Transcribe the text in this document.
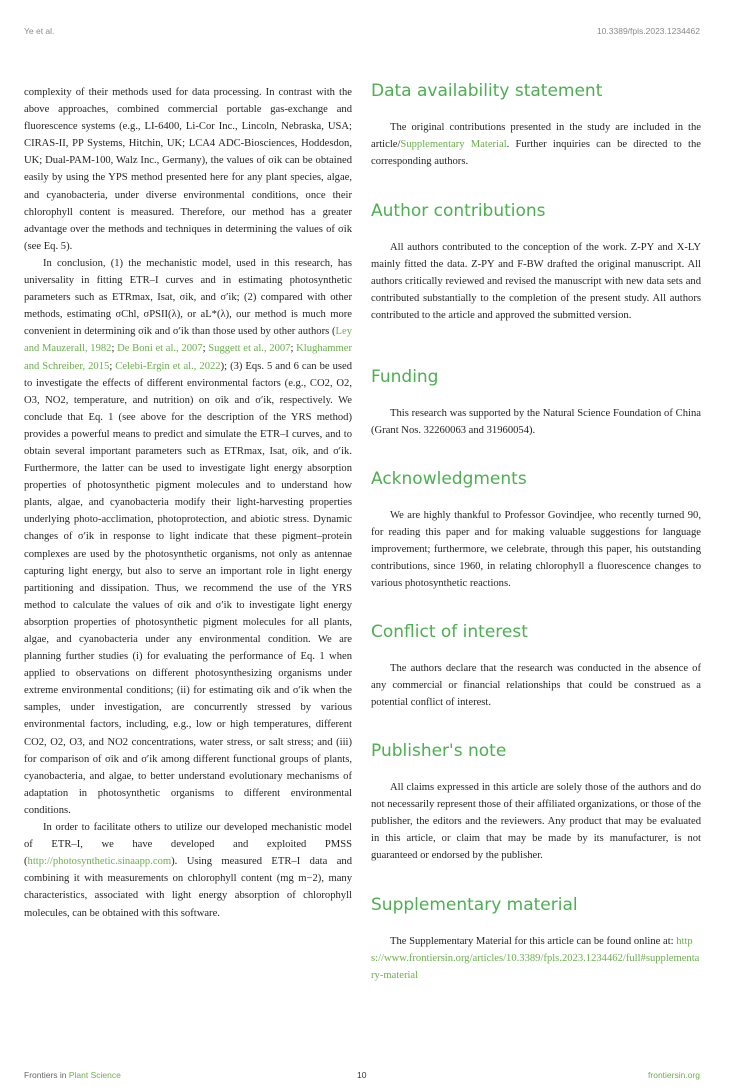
Ye et al.	10.3389/fpls.2023.1234462

complexity of their methods used for data processing. In contrast with the above approaches, combined commercial portable gas-exchange and fluorescence systems (e.g., LI-6400, Li-Cor Inc., Lincoln, Nebraska, USA; CIRAS-II, PP Systems, Hitchin, UK; LCA4 ADC-Biosciences, Hoddesdon, UK; Dual-PAM-100, Walz Inc., Germany), the values of σik can be obtained easily by using the YPS method presented here for any plant species, algae, and cyanobacteria, under diverse environmental conditions, once their chlorophyll content is measured. Therefore, our method has a greater advantage over the methods and techniques in determining the values of σik (see Eq. 5).

In conclusion, (1) the mechanistic model, used in this research, has universality in fitting ETR–I curves and in estimating photosynthetic parameters such as ETRmax, Isat, σik, and σ′ik; (2) compared with other methods, estimating σChl, σPSII(λ), or aL*(λ), our method is much more convenient in determining σik and σ′ik than those used by other authors (Ley and Mauzerall, 1982; De Boni et al., 2007; Suggett et al., 2007; Klughammer and Schreiber, 2015; Celebi-Ergin et al., 2022); (3) Eqs. 5 and 6 can be used to investigate the effects of different environmental factors (e.g., CO2, O2, O3, NO2, temperature, and nutrition) on σik and σ′ik, respectively. We conclude that Eq. 1 (see above for the description of the YRS method) provides a powerful means to predict and simulate the ETR–I curves, and to obtain several important parameters such as ETRmax, Isat, σik, and σ′ik. Furthermore, the latter can be used to investigate light energy absorption properties of photosynthetic pigment molecules and to understand how plants, algae, and cyanobacteria modify their light-harvesting properties underlying photo-acclimation, photoprotection, and abiotic stress. Dynamic changes of σ′ik in response to light indicate that these pigment–protein complexes are used by the photosynthetic organisms, not only as antennae capturing light energy, but also to serve an important role in light energy partitioning and dissipation. Thus, we recommend the use of the YRS method to calculate the values of σik and σ′ik to investigate light energy absorption properties of photosynthetic pigment molecules for all plants, algae, and cyanobacteria under any environmental condition. We are planning further studies (i) for evaluating the performance of Eq. 1 when applied to observations on different photosynthesizing organisms under extreme environmental conditions; (ii) for estimating σik and σ′ik when the samples, under investigation, are concurrently stressed by various environmental factors, including, e.g., low or high temperatures, different CO2, O2, O3, and NO2 concentrations, water stress, or salt stress; and (iii) for comparison of σik and σ′ik among different functional groups of plants, cyanobacteria, and algae, to better understand evolutionary mechanisms of adaptation in photosynthetic organisms to different environmental conditions.

In order to facilitate others to utilize our developed mechanistic model of ETR–I, we have developed and exploited PMSS (http://photosynthetic.sinaapp.com). Using measured ETR–I data and combining it with measurements on chlorophyll content (mg m−2), many characteristics, associated with light energy absorption of chlorophyll molecules, can be obtained with this software.

Data availability statement

The original contributions presented in the study are included in the article/Supplementary Material. Further inquiries can be directed to the corresponding authors.

Author contributions

All authors contributed to the conception of the work. Z-PY and X-LY mainly fitted the data. Z-PY and F-BW drafted the original manuscript. All authors critically reviewed and revised the manuscript with new data sets and contributed substantially to the completion of the present study. All authors contributed to the article and approved the submitted version.

Funding

This research was supported by the Natural Science Foundation of China (Grant Nos. 32260063 and 31960054).

Acknowledgments

We are highly thankful to Professor Govindjee, who recently turned 90, for reading this paper and for making valuable suggestions for language improvement; furthermore, we celebrate, through this paper, his outstanding contributions, since 1960, in relating chlorophyll a fluorescence changes to various photosynthetic reactions.

Conflict of interest

The authors declare that the research was conducted in the absence of any commercial or financial relationships that could be construed as a potential conflict of interest.

Publisher's note

All claims expressed in this article are solely those of the authors and do not necessarily represent those of their affiliated organizations, or those of the publisher, the editors and the reviewers. Any product that may be evaluated in this article, or claim that may be made by its manufacturer, is not guaranteed or endorsed by the publisher.

Supplementary material

The Supplementary Material for this article can be found online at: https://www.frontiersin.org/articles/10.3389/fpls.2023.1234462/full#supplementary-material

Frontiers in Plant Science	10	frontiersin.org
